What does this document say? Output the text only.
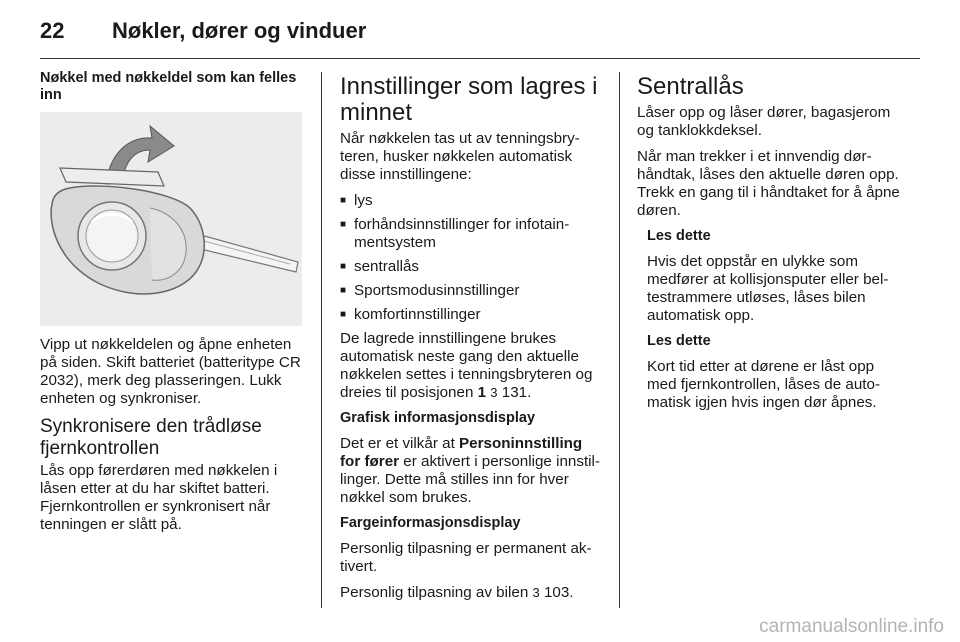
22	Nøkler, dører og vinduer

Nøkkel med nøkkeldel som kan felles inn

Vipp ut nøkkeldelen og åpne enheten på siden. Skift batteriet (batteritype CR 2032), merk deg plasseringen. Lukk enheten og synkroniser.

Synkronisere den trådløse fjernkontrollen

Lås opp førerdøren med nøkkelen i låsen etter at du har skiftet batteri. Fjernkontrollen er synkronisert når tenningen er slått på.

Innstillinger som lagres i minnet

Når nøkkelen tas ut av tenningsbry-teren, husker nøkkelen automatisk disse innstillingene:

■ lys
■ forhåndsinnstillinger for infotain-mentsystem
■ sentrallås
■ Sportsmodusinnstillinger
■ komfortinnstillinger

De lagrede innstillingene brukes automatisk neste gang den aktuelle nøkkelen settes i tenningsbryteren og dreies til posisjonen 1 3 131.

Grafisk informasjonsdisplay

Det er et vilkår at Personinnstilling for fører er aktivert i personlige innstil-linger. Dette må stilles inn for hver nøkkel som brukes.

Fargeinformasjonsdisplay

Personlig tilpasning er permanent ak-tivert.

Personlig tilpasning av bilen 3 103.

Sentrallås

Låser opp og låser dører, bagasjerom og tanklokkdeksel.

Når man trekker i et innvendig dør-håndtak, låses den aktuelle døren opp. Trekk en gang til i håndtaket for å åpne døren.

Les dette

Hvis det oppstår en ulykke som medfører at kollisjonsputer eller bel-testrammere utløses, låses bilen automatisk opp.

Les dette

Kort tid etter at dørene er låst opp med fjernkontrollen, låses de auto-matisk igjen hvis ingen dør åpnes.

carmanualsonline.info
